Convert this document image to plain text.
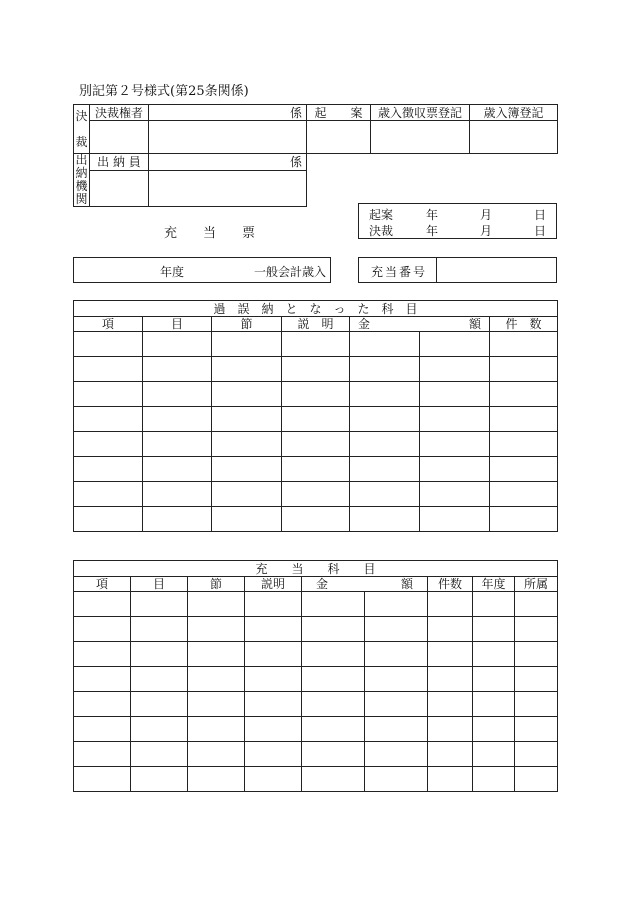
別記第２号様式(第25条関係)
決

裁	決裁権者	係	起　　案	歳入徴収票登記	歳入簿登記

出納機関	出 納 員	係			

起案	年	月	日
決裁	年	月	日
充　　当　　票
年度	一般会計歳入	充当番号
過　誤　納　と　な　っ　た　科　目						
項	目	節	説　明	金 額		件　数

充　　当　　科　　目								
項	目	節	説明	金 額		件数	年度	所属
